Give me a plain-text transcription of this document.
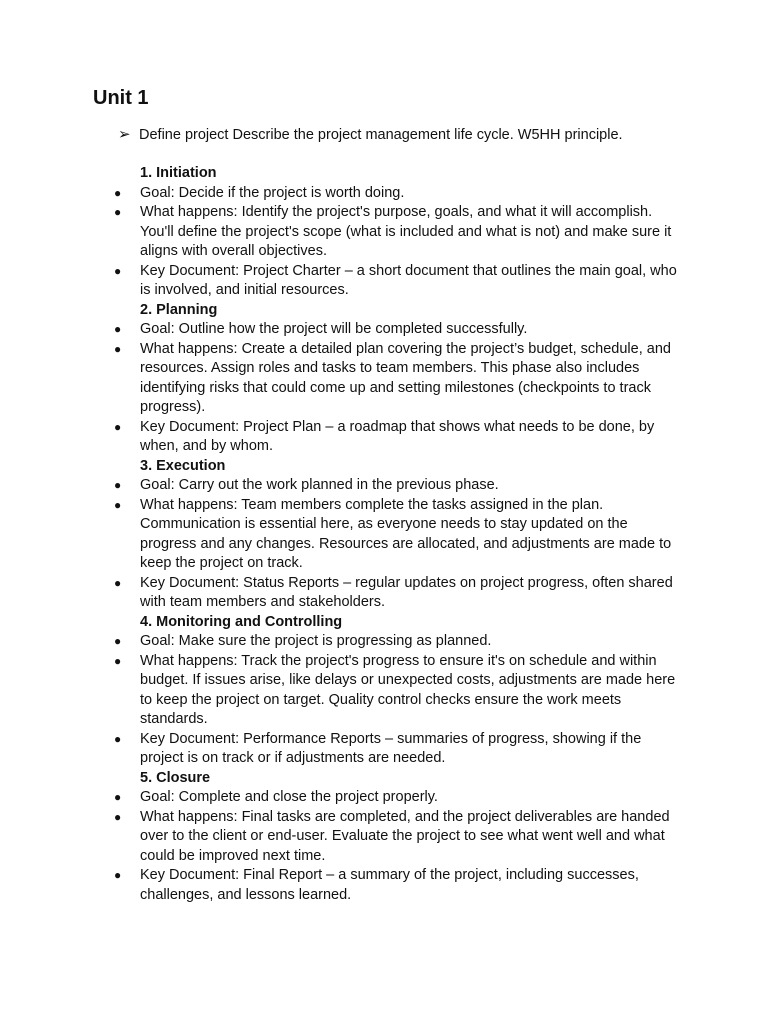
Unit 1
➢ Define project Describe the project management life cycle. W5HH principle.

1. Initiation

● Goal: Decide if the project is worth doing.
● What happens: Identify the project's purpose, goals, and what it will accomplish. You'll define the project's scope (what is included and what is not) and make sure it aligns with overall objectives.
● Key Document: Project Charter – a short document that outlines the main goal, who is involved, and initial resources.

2. Planning

● Goal: Outline how the project will be completed successfully.
● What happens: Create a detailed plan covering the project’s budget, schedule, and resources. Assign roles and tasks to team members. This phase also includes identifying risks that could come up and setting milestones (checkpoints to track progress).
● Key Document: Project Plan – a roadmap that shows what needs to be done, by when, and by whom.

3. Execution

● Goal: Carry out the work planned in the previous phase.
● What happens: Team members complete the tasks assigned in the plan. Communication is essential here, as everyone needs to stay updated on the progress and any changes. Resources are allocated, and adjustments are made to keep the project on track.
● Key Document: Status Reports – regular updates on project progress, often shared with team members and stakeholders.

4. Monitoring and Controlling

● Goal: Make sure the project is progressing as planned.
● What happens: Track the project's progress to ensure it's on schedule and within budget. If issues arise, like delays or unexpected costs, adjustments are made here to keep the project on target. Quality control checks ensure the work meets standards.
● Key Document: Performance Reports – summaries of progress, showing if the project is on track or if adjustments are needed.

5. Closure

● Goal: Complete and close the project properly.
● What happens: Final tasks are completed, and the project deliverables are handed over to the client or end-user. Evaluate the project to see what went well and what could be improved next time.
● Key Document: Final Report – a summary of the project, including successes, challenges, and lessons learned.
